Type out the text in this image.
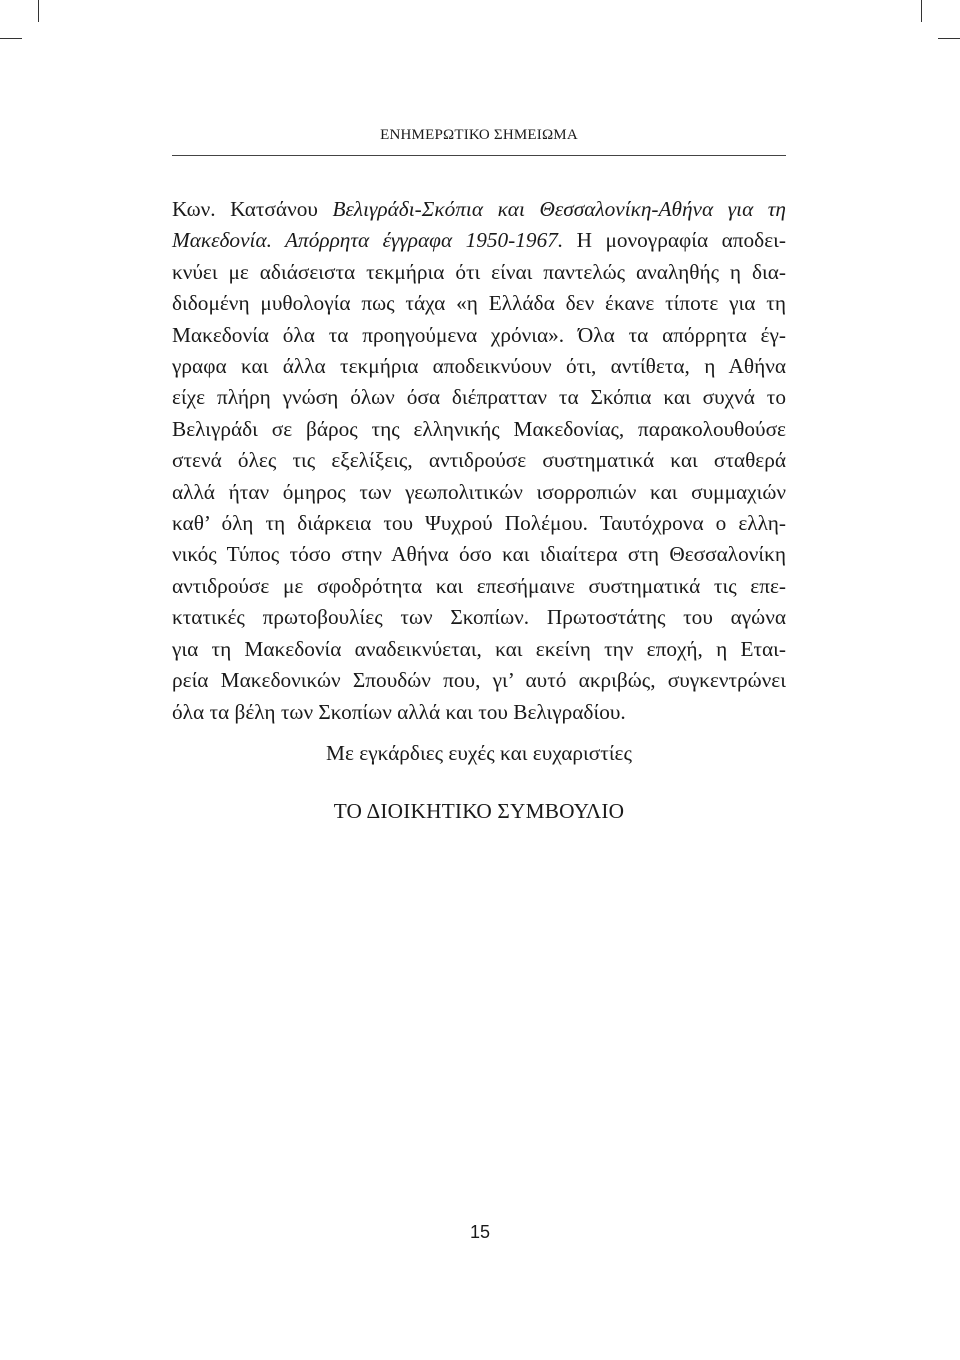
ΕΝΗΜΕΡΩΤΙΚΟ ΣΗΜΕΙΩΜΑ
Κων. Κατσάνου Βελιγράδι-Σκόπια και Θεσσαλονίκη-Αθήνα για τη
Μακεδονία. Απόρρητα έγγραφα 1950-1967. Η μονογραφία αποδει-
κνύει με αδιάσειστα τεκμήρια ότι είναι παντελώς αναληθής η δια-
διδομένη μυθολογία πως τάχα «η Ελλάδα δεν έκανε τίποτε για τη
Μακεδονία όλα τα προηγούμενα χρόνια». Όλα τα απόρρητα έγ-
γραφα και άλλα τεκμήρια αποδεικνύουν ότι, αντίθετα, η Αθήνα
είχε πλήρη γνώση όλων όσα διέπρατταν τα Σκόπια και συχνά το
Βελιγράδι σε βάρος της ελληνικής Μακεδονίας, παρακολουθούσε
στενά όλες τις εξελίξεις, αντιδρούσε συστηματικά και σταθερά
αλλά ήταν όμηρος των γεωπολιτικών ισορροπιών και συμμαχιών
καθ’ όλη τη διάρκεια του Ψυχρού Πολέμου. Ταυτόχρονα ο ελλη-
νικός Τύπος τόσο στην Αθήνα όσο και ιδιαίτερα στη Θεσσαλονίκη
αντιδρούσε με σφοδρότητα και επεσήμαινε συστηματικά τις επε-
κτατικές πρωτοβουλίες των Σκοπίων. Πρωτοστάτης του αγώνα
για τη Μακεδονία αναδεικνύεται, και εκείνη την εποχή, η Εται-
ρεία Μακεδονικών Σπουδών που, γι’ αυτό ακριβώς, συγκεντρώνει
όλα τα βέλη των Σκοπίων αλλά και του Βελιγραδίου.
Με εγκάρδιες ευχές και ευχαριστίες
ΤΟ ΔΙΟΙΚΗΤΙΚΟ ΣΥΜΒΟΥΛΙΟ
15
